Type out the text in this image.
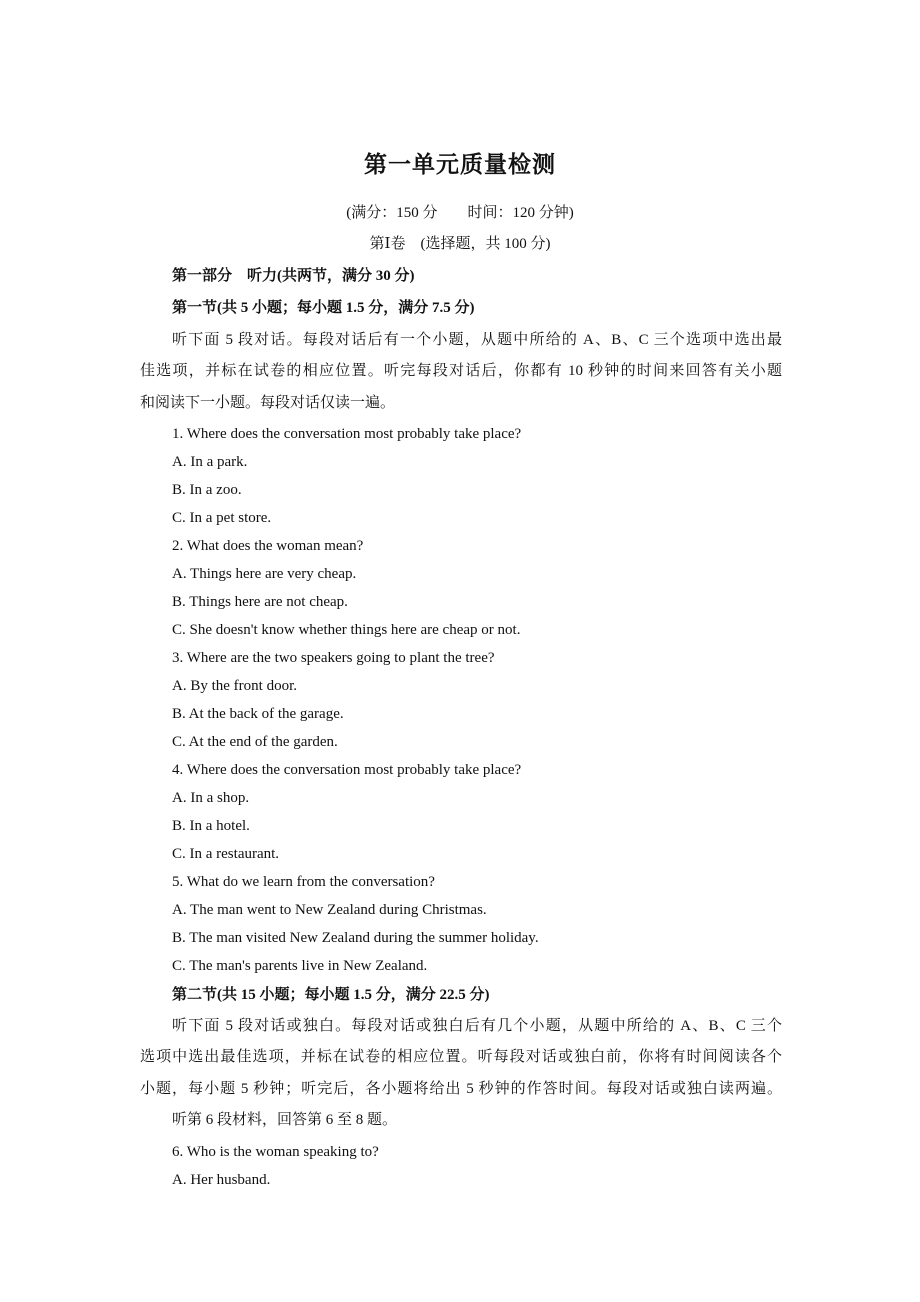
第一单元质量检测
(满分：150 分 时间：120 分钟)
第Ⅰ卷　(选择题，共 100 分)
第一部分　听力(共两节，满分 30 分)
第一节(共 5 小题；每小题 1.5 分，满分 7.5 分)
听下面 5 段对话。每段对话后有一个小题，从题中所给的 A、B、C 三个选项中选出最
佳选项，并标在试卷的相应位置。听完每段对话后，你都有 10 秒钟的时间来回答有关小题
和阅读下一小题。每段对话仅读一遍。
1. Where does the conversation most probably take place?
A. In a park.
B. In a zoo.
C. In a pet store.
2. What does the woman mean?
A. Things here are very cheap.
B. Things here are not cheap.
C. She doesn't know whether things here are cheap or not.
3. Where are the two speakers going to plant the tree?
A. By the front door.
B. At the back of the garage.
C. At the end of the garden.
4. Where does the conversation most probably take place?
A. In a shop.
B. In a hotel.
C. In a restaurant.
5. What do we learn from the conversation?
A. The man went to New Zealand during Christmas.
B. The man visited New Zealand during the summer holiday.
C. The man's parents live in New Zealand.
第二节(共 15 小题；每小题 1.5 分，满分 22.5 分)
听下面 5 段对话或独白。每段对话或独白后有几个小题，从题中所给的 A、B、C 三个
选项中选出最佳选项，并标在试卷的相应位置。听每段对话或独白前，你将有时间阅读各个
小题，每小题 5 秒钟；听完后，各小题将给出 5 秒钟的作答时间。每段对话或独白读两遍。
听第 6 段材料，回答第 6 至 8 题。
6. Who is the woman speaking to?
A. Her husband.
